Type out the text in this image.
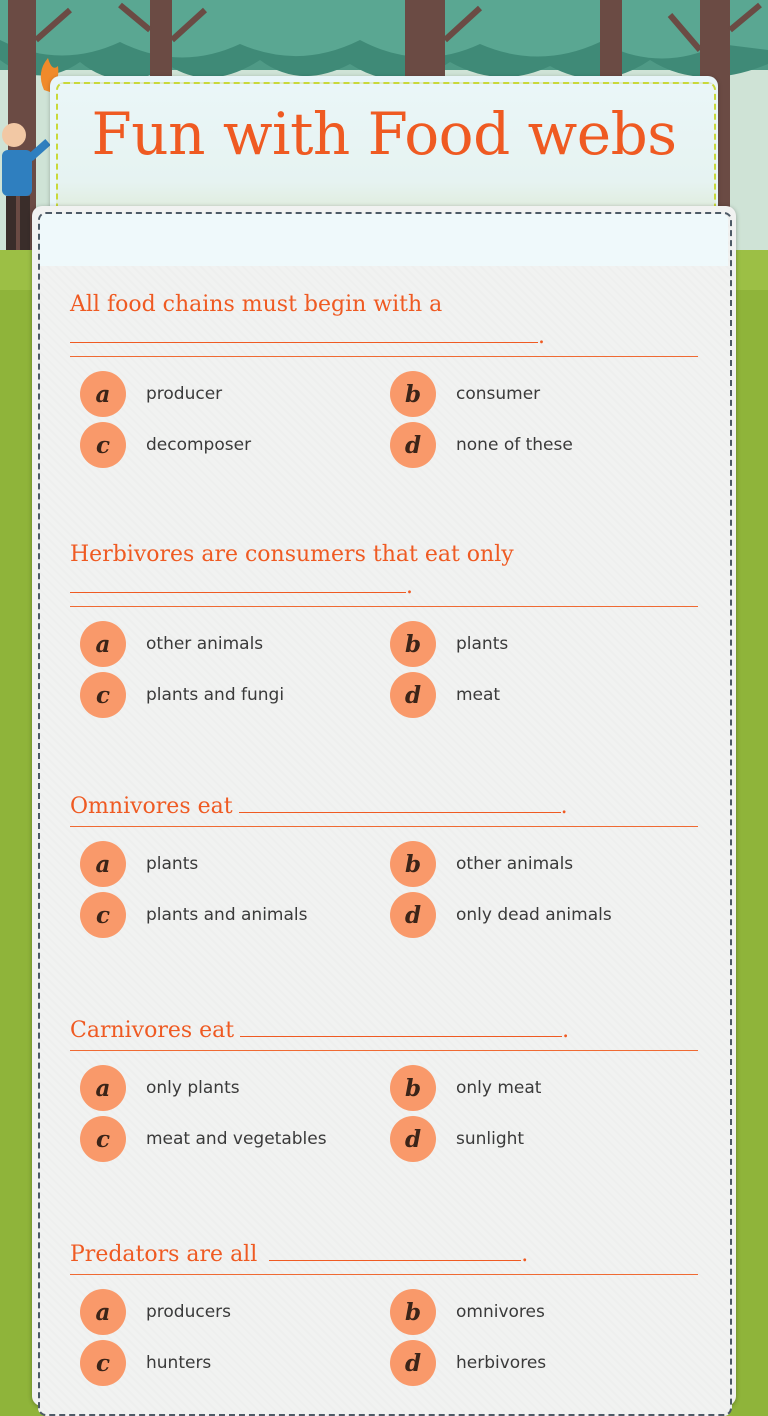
Fun with Food webs

All food chains must begin with a
.

a	producer	b	consumer
c	decomposer	d	none of these

Herbivores are consumers that eat only
.

a	other animals	b	plants
c	plants and fungi	d	meat

Omnivores eat	.

a	plants	b	other animals
c	plants and animals	d	only dead animals

Carnivores eat	.

a	only plants	b	only meat
c	meat and vegetables	d	sunlight

Predators are all	.

a	producers	b	omnivores
c	hunters	d	herbivores
